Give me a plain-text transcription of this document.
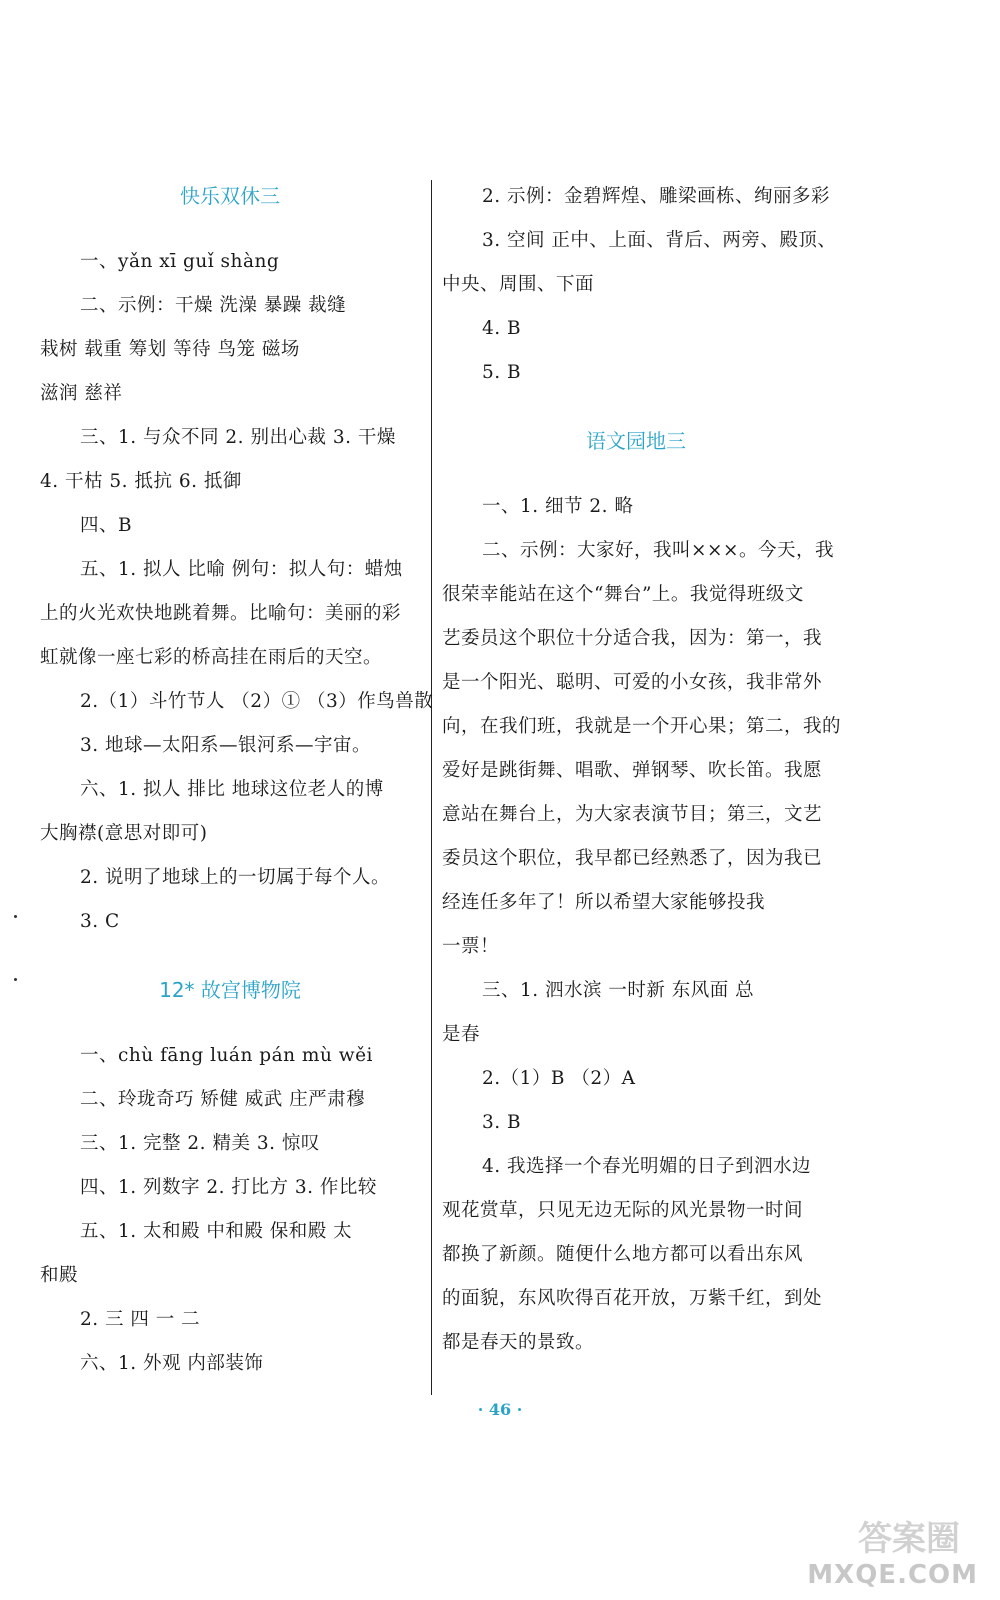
快乐双休三
一、yǎn xī guǐ shàng
二、示例：干燥 洗澡 暴躁 裁缝
栽树 载重 筹划 等待 鸟笼 磁场
滋润 慈祥
三、1. 与众不同 2. 别出心裁 3. 干燥
4. 干枯 5. 抵抗 6. 抵御
四、B
五、1. 拟人 比喻 例句：拟人句：蜡烛
上的火光欢快地跳着舞。比喻句：美丽的彩
虹就像一座七彩的桥高挂在雨后的天空。
2.（1）斗竹节人 （2）① （3）作鸟兽散
3. 地球—太阳系—银河系—宇宙。
六、1. 拟人 排比 地球这位老人的博
大胸襟(意思对即可)
2. 说明了地球上的一切属于每个人。
3. C
12* 故宫博物院
一、chù fāng luán pán mù wěi
二、玲珑奇巧 矫健 威武 庄严肃穆
三、1. 完整 2. 精美 3. 惊叹
四、1. 列数字 2. 打比方 3. 作比较
五、1. 太和殿 中和殿 保和殿 太
和殿
2. 三 四 一 二
六、1. 外观 内部装饰
2. 示例：金碧辉煌、雕梁画栋、绚丽多彩
3. 空间 正中、上面、背后、两旁、殿顶、
中央、周围、下面
4. B
5. B
语文园地三
一、1. 细节 2. 略
二、示例：大家好，我叫×××。今天，我
很荣幸能站在这个“舞台”上。我觉得班级文
艺委员这个职位十分适合我，因为：第一，我
是一个阳光、聪明、可爱的小女孩，我非常外
向，在我们班，我就是一个开心果；第二，我的
爱好是跳街舞、唱歌、弹钢琴、吹长笛。我愿
意站在舞台上，为大家表演节目；第三，文艺
委员这个职位，我早都已经熟悉了，因为我已
经连任多年了！所以希望大家能够投我
一票！
三、1. 泗水滨 一时新 东风面 总
是春
2.（1）B （2）A
3. B
4. 我选择一个春光明媚的日子到泗水边
观花赏草，只见无边无际的风光景物一时间
都换了新颜。随便什么地方都可以看出东风
的面貌，东风吹得百花开放，万紫千红，到处
都是春天的景致。
· 46 ·
答案圈
MXQE.COM
